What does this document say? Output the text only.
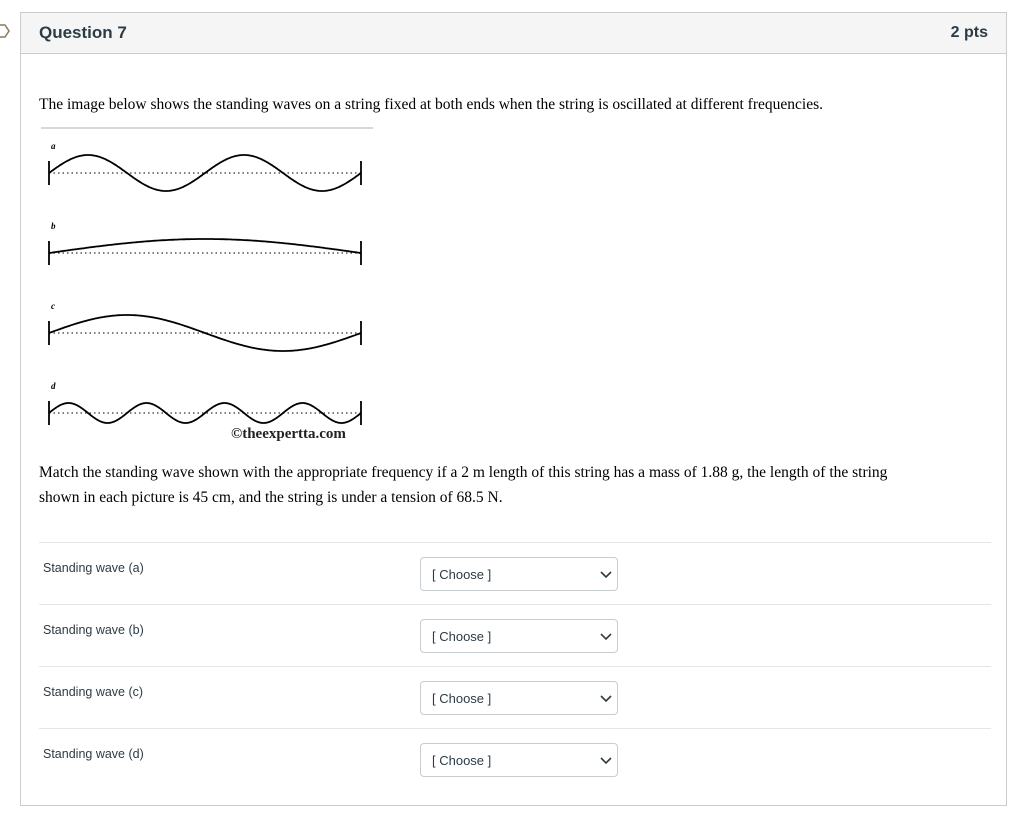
Question 7	2 pts
The image below shows the standing waves on a string fixed at both ends when the string is oscillated at different frequencies.
©theexpertta.com
a
b
c
d
Match the standing wave shown with the appropriate frequency if a 2 m length of this string has a mass of 1.88 g, the length of the string
shown in each picture is 45 cm, and the string is under a tension of 68.5 N.
Standing wave (a)	[ Choose ]
Standing wave (b)	[ Choose ]
Standing wave (c)	[ Choose ]
Standing wave (d)	[ Choose ]
